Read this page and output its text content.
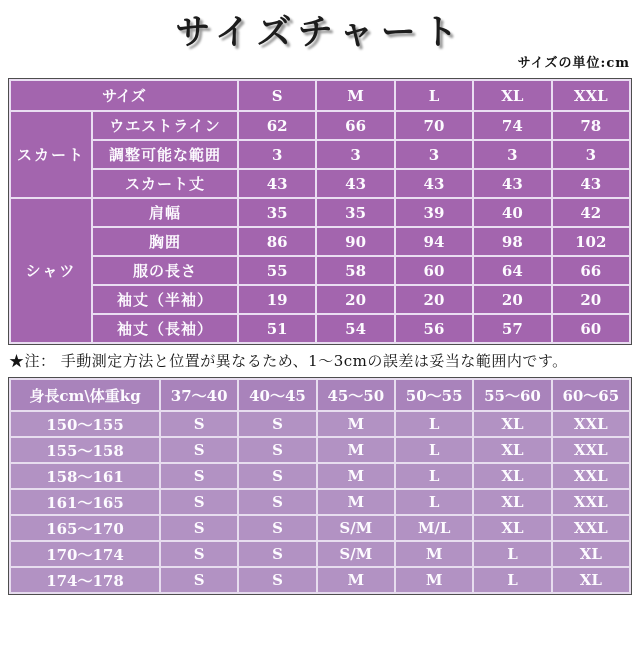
サイズチャート
サイズの単位:cm
サイズ		S	M	L	XL	XXL
スカート	ウエストライン	62	66	70	74	78
	調整可能な範囲	3	3	3	3	3
	スカート丈	43	43	43	43	43
シャツ	肩幅	35	35	39	40	42
	胸囲	86	90	94	98	102
	服の長さ	55	58	60	64	66
	袖丈（半袖）	19	20	20	20	20
	袖丈（長袖）	51	54	56	57	60
★注： 手動測定方法と位置が異なるため、1〜3cmの誤差は妥当な範囲内です。
身長cm\体重kg	37〜40	40〜45	45〜50	50〜55	55〜60	60〜65
150〜155	S	S	M	L	XL	XXL
155〜158	S	S	M	L	XL	XXL
158〜161	S	S	M	L	XL	XXL
161〜165	S	S	M	L	XL	XXL
165〜170	S	S	S/M	M/L	XL	XXL
170〜174	S	S	S/M	M	L	XL
174〜178	S	S	M	M	L	XL
